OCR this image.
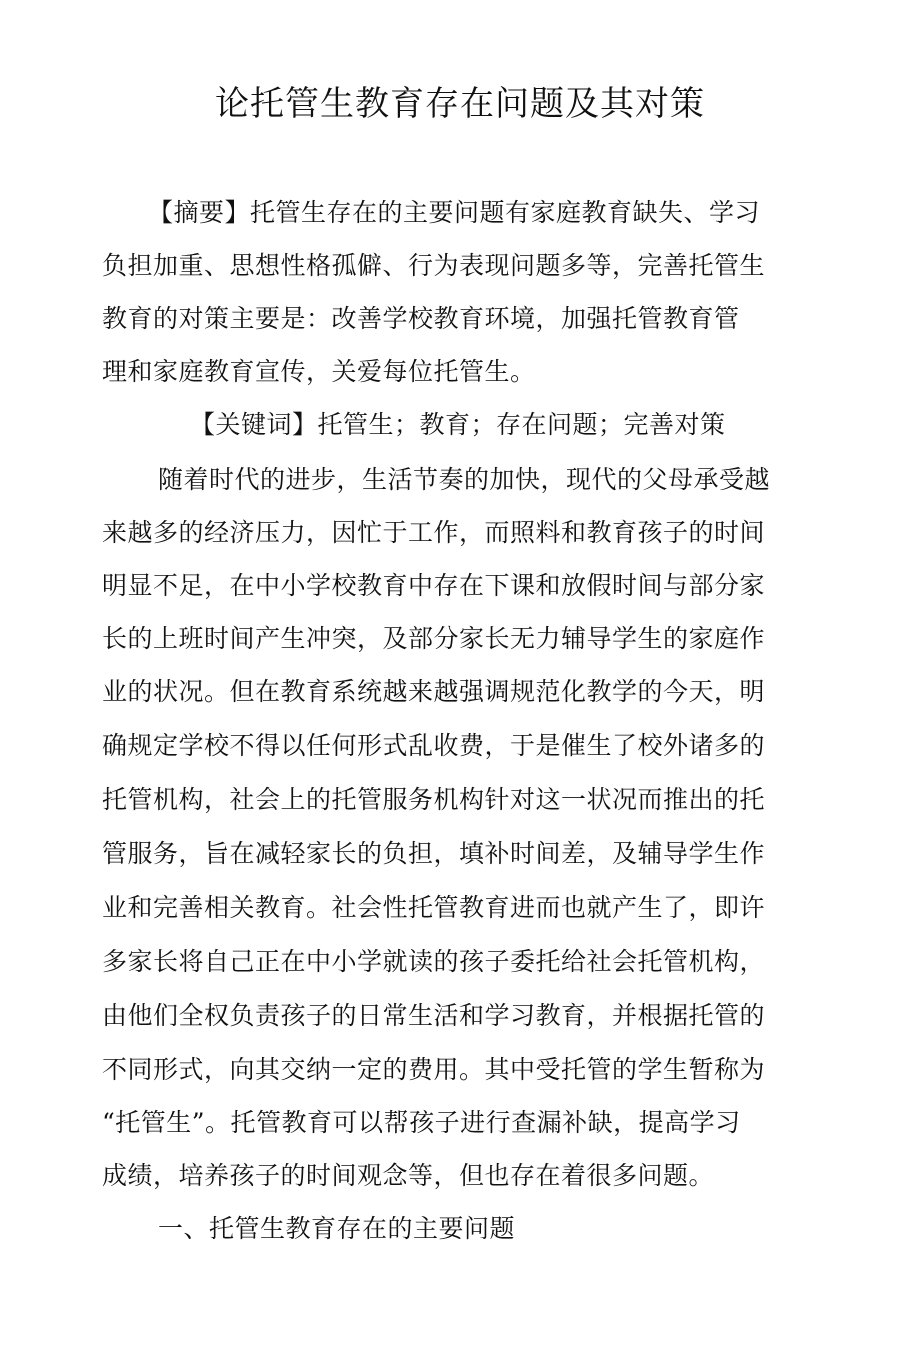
论托管生教育存在问题及其对策
【摘要】托管生存在的主要问题有家庭教育缺失、学习
负担加重、思想性格孤僻、行为表现问题多等，完善托管生
教育的对策主要是：改善学校教育环境，加强托管教育管
理和家庭教育宣传，关爱每位托管生。
【关键词】托管生；教育；存在问题；完善对策
随着时代的进步，生活节奏的加快，现代的父母承受越
来越多的经济压力，因忙于工作，而照料和教育孩子的时间
明显不足，在中小学校教育中存在下课和放假时间与部分家
长的上班时间产生冲突，及部分家长无力辅导学生的家庭作
业的状况。但在教育系统越来越强调规范化教学的今天，明
确规定学校不得以任何形式乱收费，于是催生了校外诸多的
托管机构，社会上的托管服务机构针对这一状况而推出的托
管服务，旨在减轻家长的负担，填补时间差，及辅导学生作
业和完善相关教育。社会性托管教育进而也就产生了，即许
多家长将自己正在中小学就读的孩子委托给社会托管机构，
由他们全权负责孩子的日常生活和学习教育，并根据托管的
不同形式，向其交纳一定的费用。其中受托管的学生暂称为
“托管生”。托管教育可以帮孩子进行查漏补缺，提高学习
成绩，培养孩子的时间观念等，但也存在着很多问题。
一、托管生教育存在的主要问题
